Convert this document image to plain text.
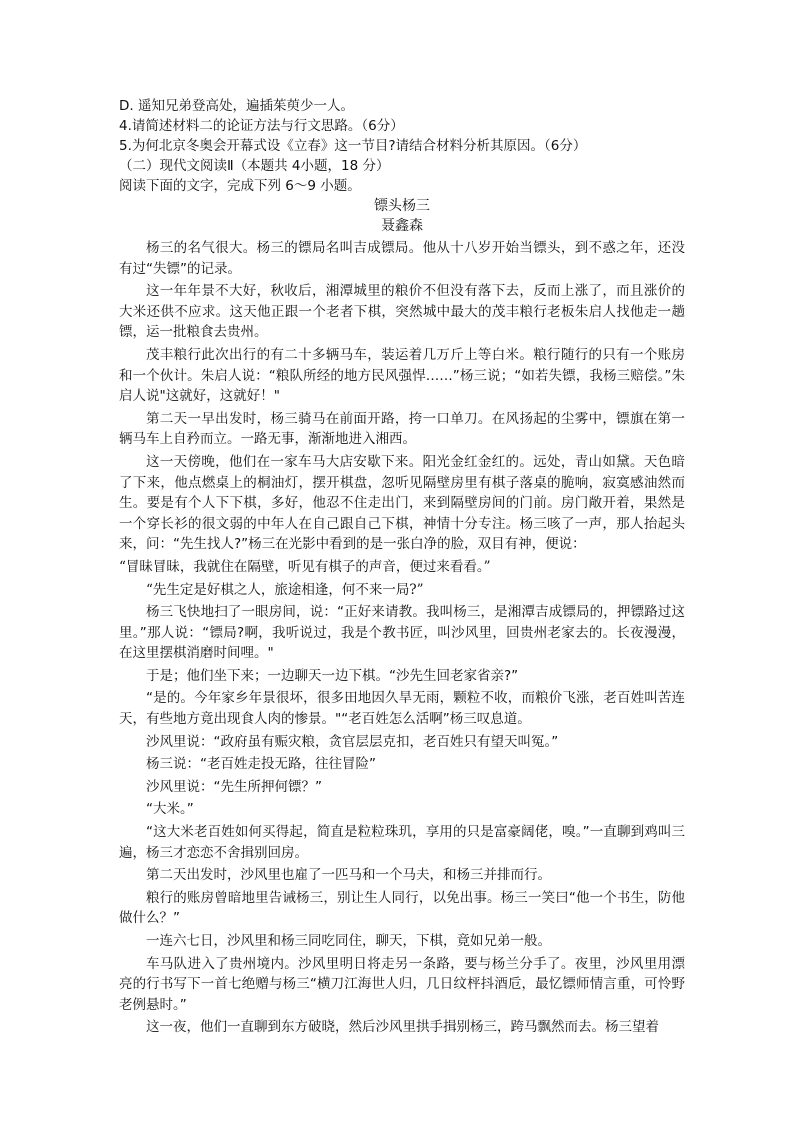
D. 遥知兄弟登高处，遍插茱萸少一人。

4.请简述材料二的论证方法与行文思路。（6分）

5.为何北京冬奥会开幕式设《立春》这一节目?请结合材料分析其原因。（6分）

（二）现代文阅读Ⅱ（本题共 4小题，18 分）

阅读下面的文字，完成下列 6～9 小题。

镖头杨三

聂鑫森

杨三的名气很大。杨三的镖局名叫吉成镖局。他从十八岁开始当镖头，到不惑之年，还没有过“失镖”的记录。

这一年年景不大好，秋收后，湘潭城里的粮价不但没有落下去，反而上涨了，而且涨价的大米还供不应求。这天他正跟一个老者下棋，突然城中最大的茂丰粮行老板朱启人找他走一趟镖，运一批粮食去贵州。

茂丰粮行此次出行的有二十多辆马车，装运着几万斤上等白米。粮行随行的只有一个账房和一个伙计。朱启人说：“粮队所经的地方民风强悍……”杨三说；“如若失镖，我杨三赔偿。”朱启人说"这就好，这就好！"

第二天一早出发时，杨三骑马在前面开路，挎一口单刀。在风扬起的尘雾中，镖旗在第一辆马车上自矜而立。一路无事，渐渐地进入湘西。

这一天傍晚，他们在一家车马大店安歇下来。阳光金红金红的。远处，青山如黛。天色暗了下来，他点燃桌上的桐油灯，摆开棋盘，忽听见隔壁房里有棋子落桌的脆响，寂寞感油然而生。要是有个人下下棋，多好，他忍不住走出门，来到隔壁房间的门前。房门敞开着，果然是一个穿长衫的很文弱的中年人在自己跟自己下棋，神情十分专注。杨三咳了一声，那人抬起头来，问：“先生找人?”杨三在光影中看到的是一张白净的脸，双目有神，便说：

“冒昧冒昧，我就住在隔壁，听见有棋子的声音，便过来看看。”

“先生定是好棋之人，旅途相逢，何不来一局?”

杨三飞快地扫了一眼房间，说：“正好来请教。我叫杨三，是湘潭吉成镖局的，押镖路过这里。”那人说：“镖局?啊，我听说过，我是个教书匠，叫沙风里，回贵州老家去的。长夜漫漫，在这里摆棋消磨时间哩。"

于是；他们坐下来；一边聊天一边下棋。“沙先生回老家省亲?”

“是的。今年家乡年景很坏，很多田地因久旱无雨，颗粒不收，而粮价飞涨，老百姓叫苦连天，有些地方竟出现食人肉的惨景。"“老百姓怎么活啊”杨三叹息道。

沙风里说：“政府虽有赈灾粮，贪官层层克扣，老百姓只有望天叫冤。”

杨三说：“老百姓走投无路，往往冒险”

沙风里说：“先生所押何镖？”

“大米。”

“这大米老百姓如何买得起，简直是粒粒珠玑，享用的只是富豪阔佬，嗅。”一直聊到鸡叫三遍，杨三才恋恋不舍揖别回房。

第二天出发时，沙风里也雇了一匹马和一个马夫，和杨三并排而行。

粮行的账房曾暗地里告诫杨三，别让生人同行，以免出事。杨三一笑曰“他一个书生，防他做什么？”

一连六七日，沙风里和杨三同吃同住，聊天，下棋，竟如兄弟一般。

车马队进入了贵州境内。沙风里明日将走另一条路，要与杨兰分手了。夜里，沙风里用漂亮的行书写下一首七绝赠与杨三“横刀江海世人归，几日纹枰抖酒卮，最忆镖师情言重，可怜野老例悬时。”

这一夜，他们一直聊到东方破晓，然后沙风里拱手揖别杨三，跨马飘然而去。杨三望着
